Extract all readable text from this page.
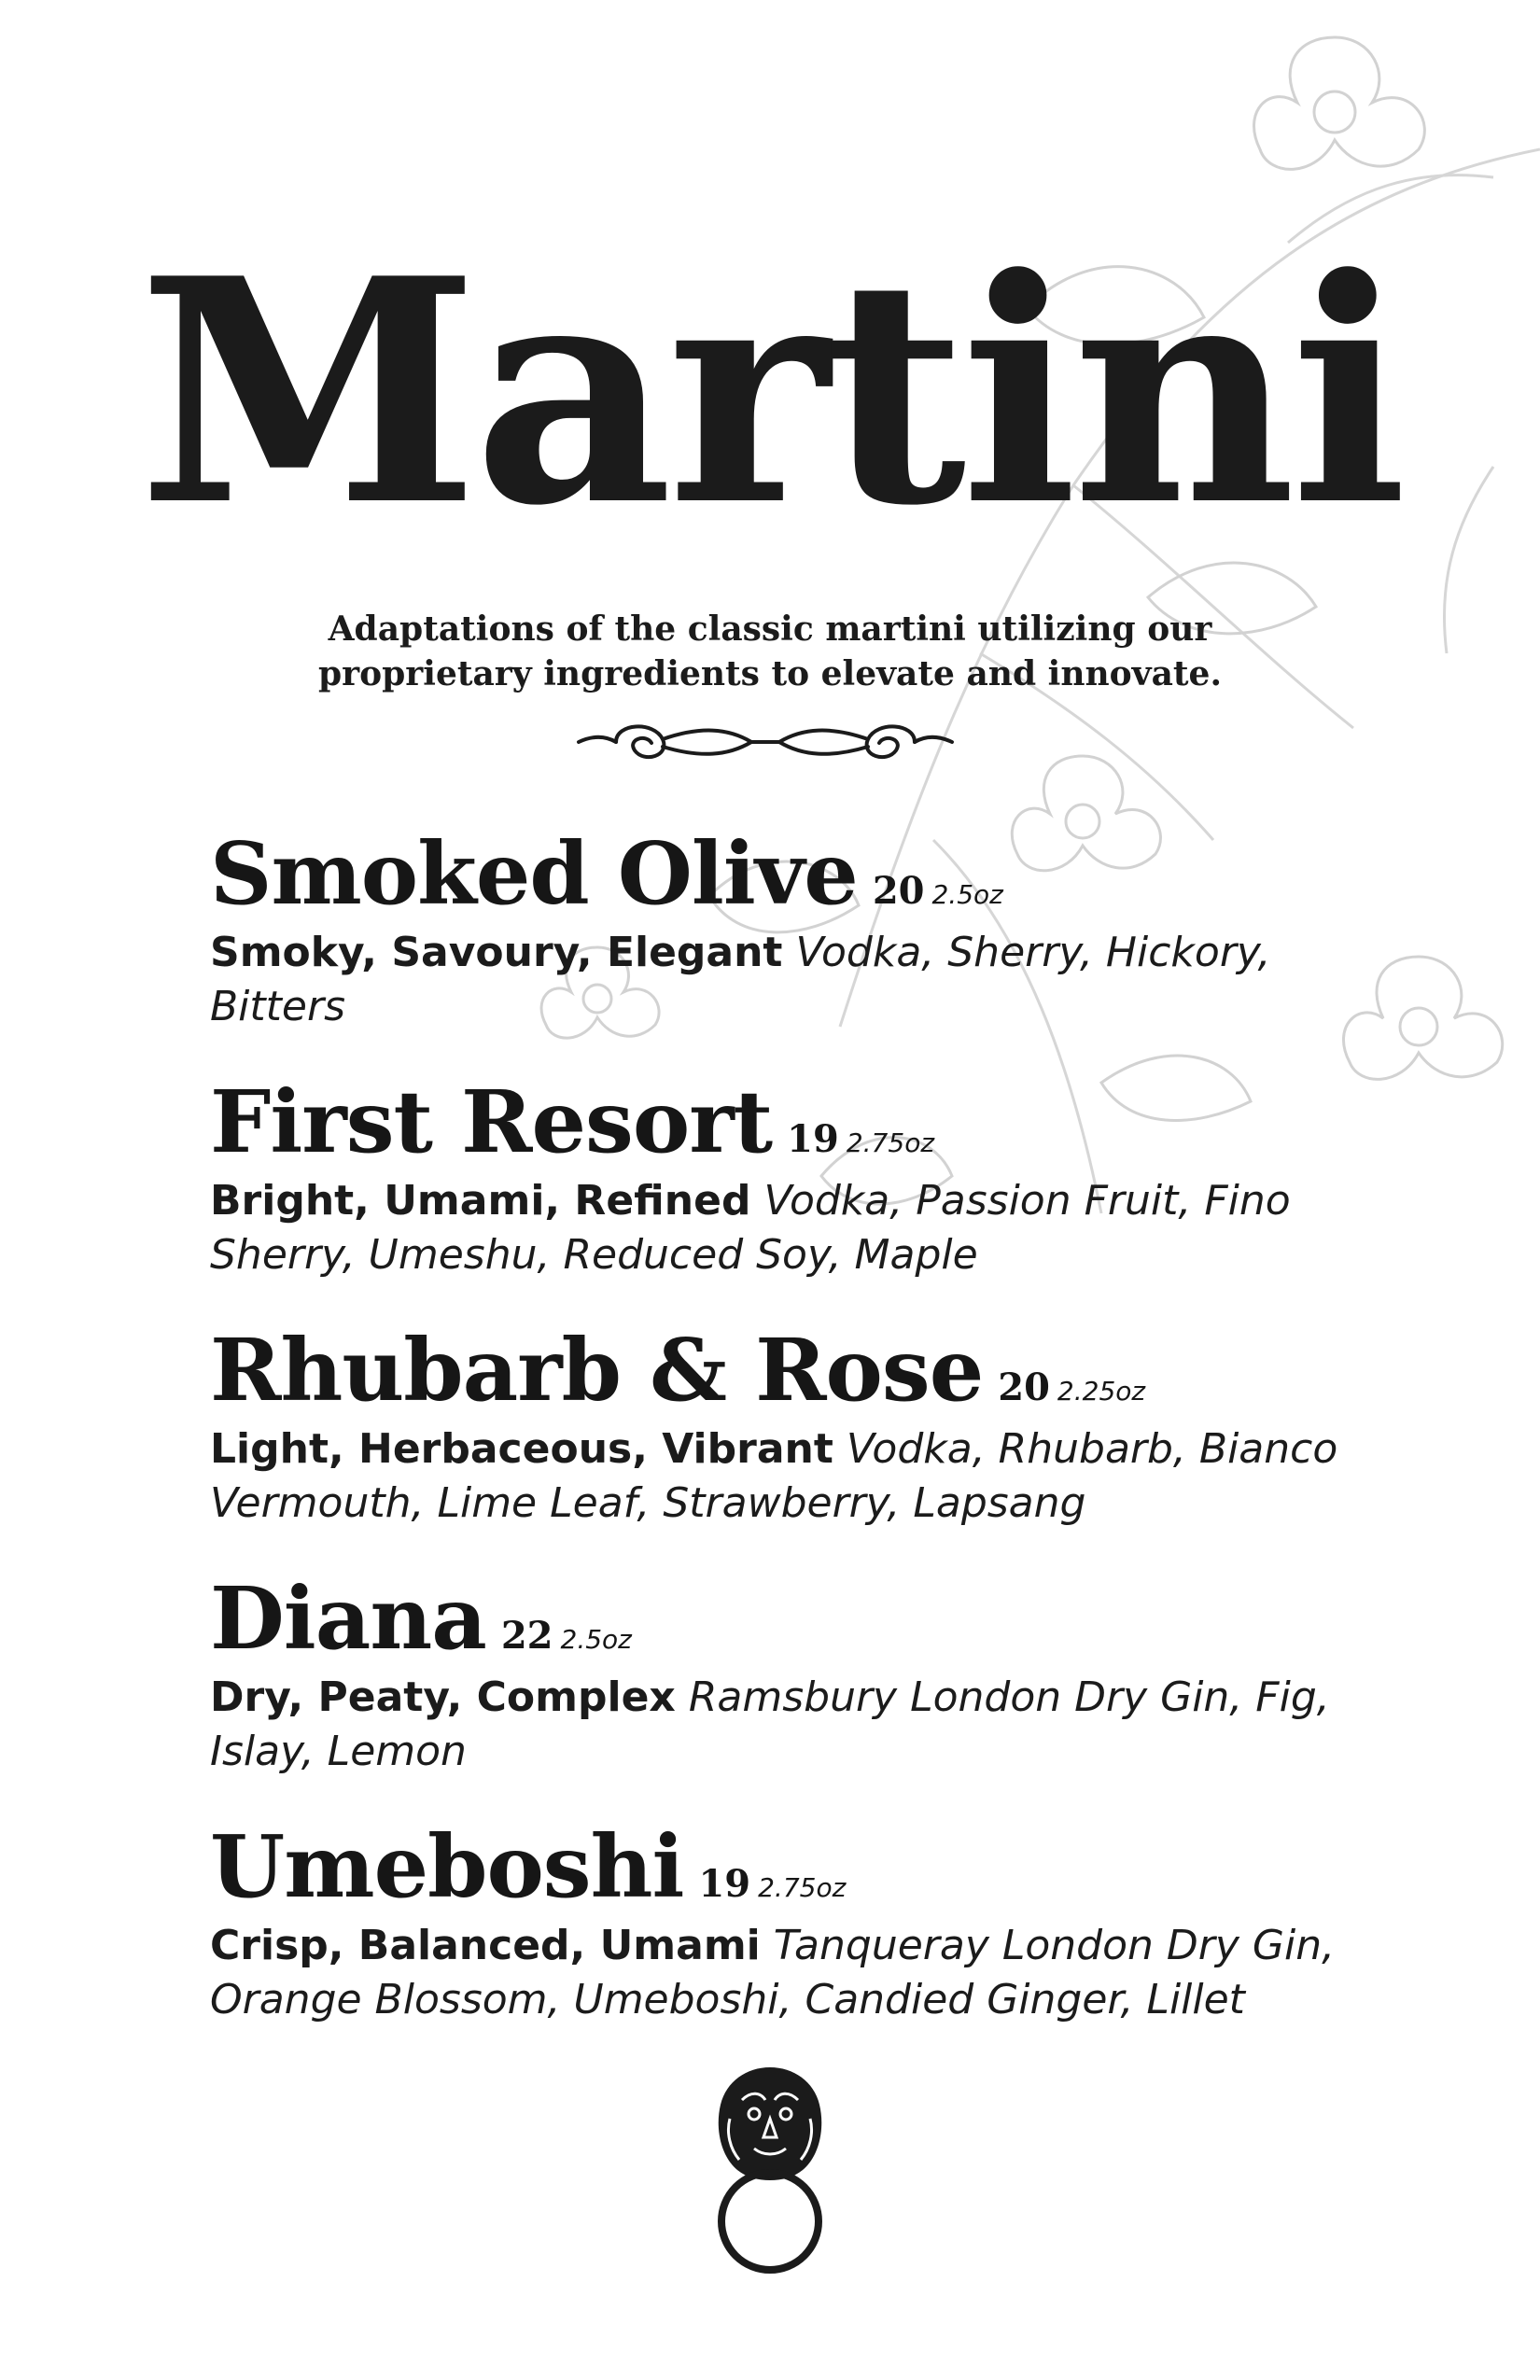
Martini
Adaptations of the classic martini utilizing our proprietary ingredients to elevate and innovate.
Smoked Olive 20 2.5oz
Smoky, Savoury, Elegant Vodka, Sherry, Hickory, Bitters
First Resort 19 2.75oz
Bright, Umami, Refined Vodka, Passion Fruit, Fino Sherry, Umeshu, Reduced Soy, Maple
Rhubarb & Rose 20 2.25oz
Light, Herbaceous, Vibrant Vodka, Rhubarb, Bianco Vermouth, Lime Leaf, Strawberry, Lapsang
Diana 22 2.5oz
Dry, Peaty, Complex Ramsbury London Dry Gin, Fig, Islay, Lemon
Umeboshi 19 2.75oz
Crisp, Balanced, Umami Tanqueray London Dry Gin, Orange Blossom, Umeboshi, Candied Ginger, Lillet
